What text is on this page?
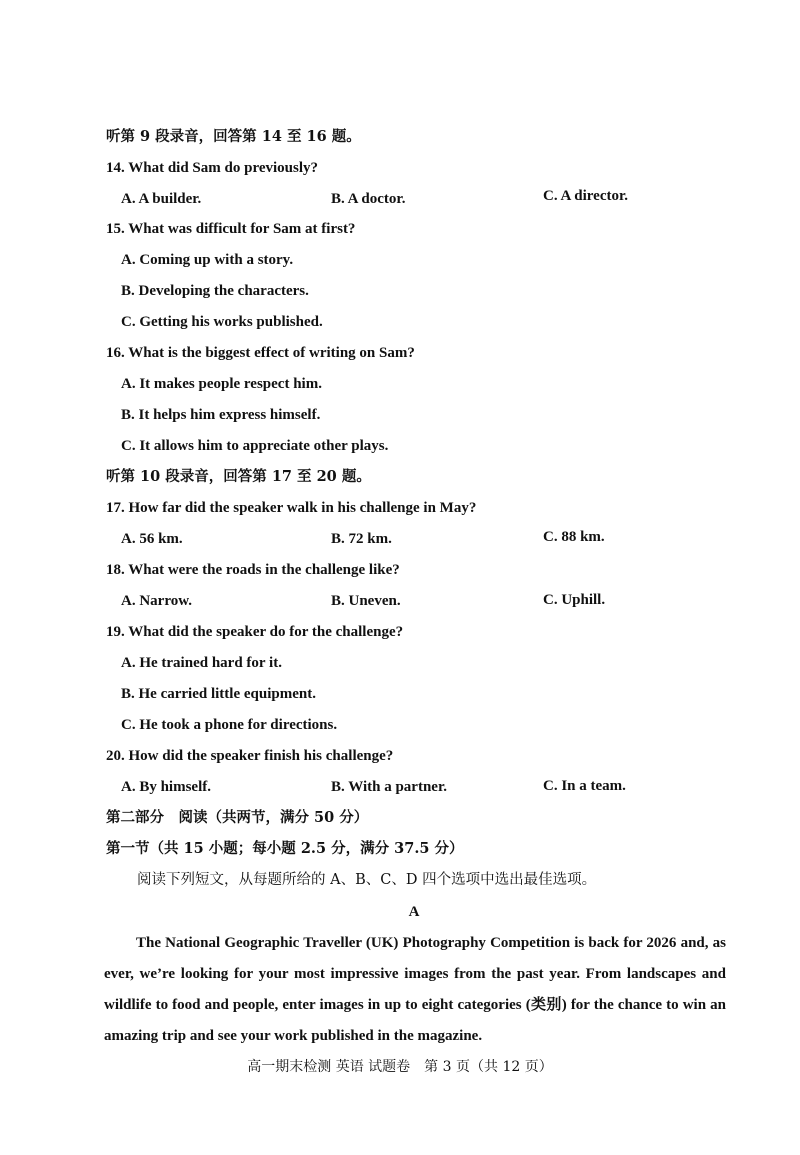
听第 9 段录音，回答第 14 至 16 题。
14. What did Sam do previously?
A. A builder.	B. A doctor.	C. A director.
15. What was difficult for Sam at first?
A. Coming up with a story.
B. Developing the characters.
C. Getting his works published.
16. What is the biggest effect of writing on Sam?
A. It makes people respect him.
B. It helps him express himself.
C. It allows him to appreciate other plays.
听第 10 段录音，回答第 17 至 20 题。
17. How far did the speaker walk in his challenge in May?
A. 56 km.	B. 72 km.	C. 88 km.
18. What were the roads in the challenge like?
A. Narrow.	B. Uneven.	C. Uphill.
19. What did the speaker do for the challenge?
A. He trained hard for it.
B. He carried little equipment.
C. He took a phone for directions.
20. How did the speaker finish his challenge?
A. By himself.	B. With a partner.	C. In a team.
第二部分　阅读（共两节，满分 50 分）
第一节（共 15 小题；每小题 2.5 分，满分 37.5 分）
阅读下列短文，从每题所给的 A、B、C、D 四个选项中选出最佳选项。
A

The National Geographic Traveller (UK) Photography Competition is back for 2026 and, as ever, we’re looking for your most impressive images from the past year. From landscapes and wildlife to food and people, enter images in up to eight categories (类别) for the chance to win an amazing trip and see your work published in the magazine.

高一期末检测 英语 试题卷　第 3 页（共 12 页）
